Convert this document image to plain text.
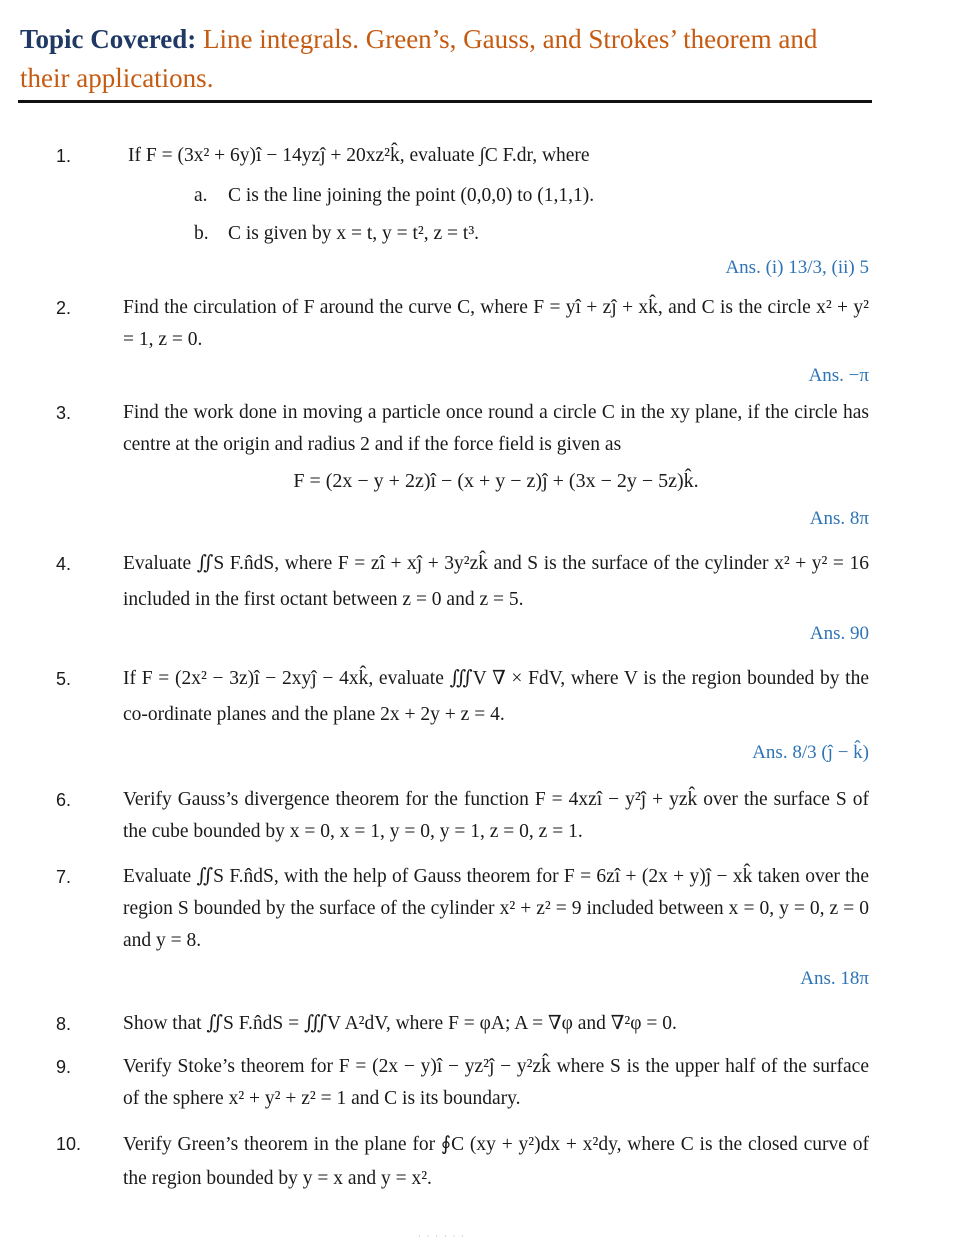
Topic Covered: Line integrals. Green’s, Gauss, and Strokes’ theorem and their applications.
1.	If F = (3x² + 6y)î − 14yzĵ + 20xz²k̂, evaluate ∫C F.dr, where
a. C is the line joining the point (0,0,0) to (1,1,1).
b. C is given by x = t, y = t², z = t³.
Ans. (i) 13/3, (ii) 5
2.	Find the circulation of F around the curve C, where F = yî + zĵ + xk̂, and C is the circle x² + y² = 1, z = 0.
Ans. −π
3.	Find the work done in moving a particle once round a circle C in the xy plane, if the circle has centre at the origin and radius 2 and if the force field is given as
F = (2x − y + 2z)î − (x + y − z)ĵ + (3x − 2y − 5z)k̂.
Ans. 8π
4.	Evaluate ∬S F.n̂dS, where F = zî + xĵ + 3y²zk̂ and S is the surface of the cylinder x² + y² = 16 included in the first octant between z = 0 and z = 5.
Ans. 90
5.	If F = (2x² − 3z)î − 2xyĵ − 4xk̂, evaluate ∭V ∇ × FdV, where V is the region bounded by the co-ordinate planes and the plane 2x + 2y + z = 4.
Ans. 8/3 (ĵ − k̂)
6.	Verify Gauss’s divergence theorem for the function F = 4xzî − y²ĵ + yzk̂ over the surface S of the cube bounded by x = 0, x = 1, y = 0, y = 1, z = 0, z = 1.
7.	Evaluate ∬S F.n̂dS, with the help of Gauss theorem for F = 6zî + (2x + y)ĵ − xk̂ taken over the region S bounded by the surface of the cylinder x² + z² = 9 included between x = 0, y = 0, z = 0 and y = 8.
Ans. 18π
8.	Show that ∬S F.n̂dS = ∭V A²dV, where F = φA; A = ∇φ and ∇²φ = 0.
9.	Verify Stoke’s theorem for F = (2x − y)î − yz²ĵ − y²zk̂ where S is the upper half of the surface of the sphere x² + y² + z² = 1 and C is its boundary.
10. Verify Green’s theorem in the plane for ∮C (xy + y²)dx + x²dy, where C is the closed curve of the region bounded by y = x and y = x².
· · · · · ·
